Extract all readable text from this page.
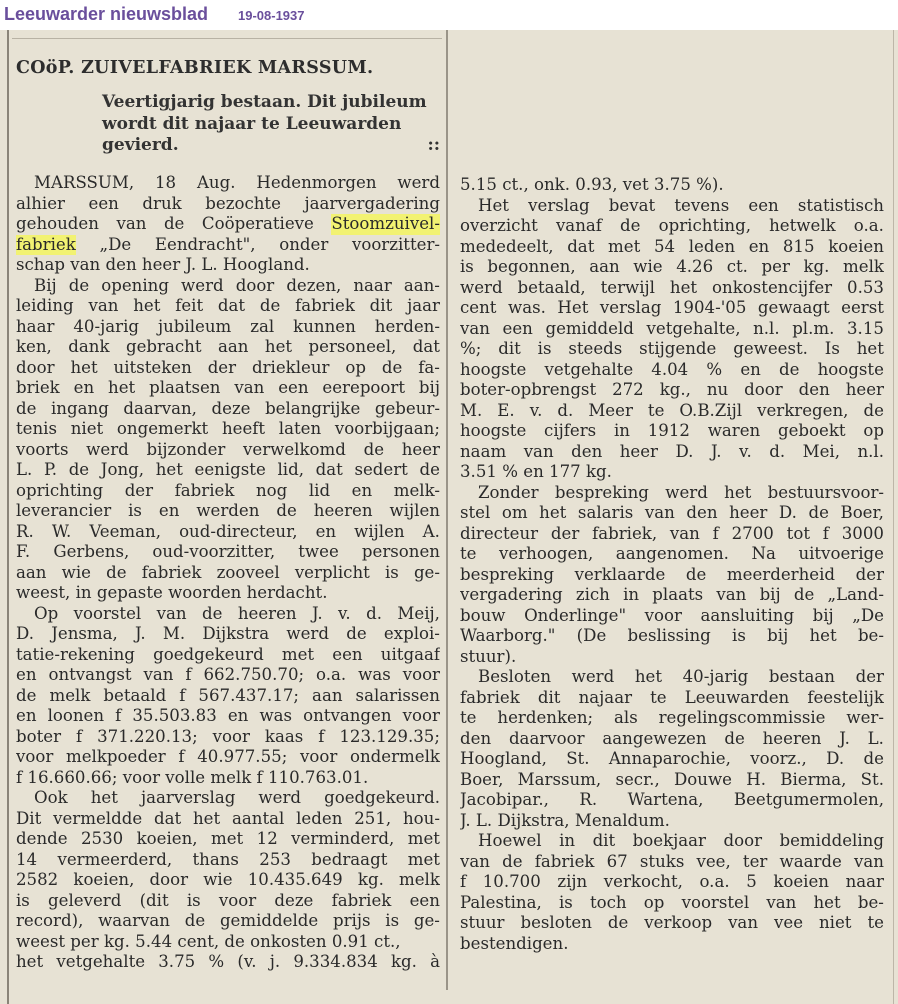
Leeuwarder nieuwsblad 19-08-1937
COöP. ZUIVELFABRIEK MARSSUM.
Veertigjarig bestaan. Dit jubileum
wordt dit najaar te Leeuwarden
gevierd.	::
MARSSUM, 18 Aug. Hedenmorgen werd
alhier een druk bezochte jaarvergadering
gehouden van de Coöperatieve Stoomzuivel-
fabriek „De Eendracht", onder voorzitter-
schap van den heer J. L. Hoogland.
Bij de opening werd door dezen, naar aan-
leiding van het feit dat de fabriek dit jaar
haar 40-jarig jubileum zal kunnen herden-
ken, dank gebracht aan het personeel, dat
door het uitsteken der driekleur op de fa-
briek en het plaatsen van een eerepoort bij
de ingang daarvan, deze belangrijke gebeur-
tenis niet ongemerkt heeft laten voorbijgaan;
voorts werd bijzonder verwelkomd de heer
L. P. de Jong, het eenigste lid, dat sedert de
oprichting der fabriek nog lid en melk-
leverancier is en werden de heeren wijlen
R. W. Veeman, oud-directeur, en wijlen A.
F. Gerbens, oud-voorzitter, twee personen
aan wie de fabriek zooveel verplicht is ge-
weest, in gepaste woorden herdacht.
Op voorstel van de heeren J. v. d. Meij,
D. Jensma, J. M. Dijkstra werd de exploi-
tatie-rekening goedgekeurd met een uitgaaf
en ontvangst van f 662.750.70; o.a. was voor
de melk betaald f 567.437.17; aan salarissen
en loonen f 35.503.83 en was ontvangen voor
boter f 371.220.13; voor kaas f 123.129.35;
voor melkpoeder f 40.977.55; voor ondermelk
f 16.660.66; voor volle melk f 110.763.01.
Ook het jaarverslag werd goedgekeurd.
Dit vermeldde dat het aantal leden 251, hou-
dende 2530 koeien, met 12 verminderd, met
14 vermeerderd, thans 253 bedraagt met
2582 koeien, door wie 10.435.649 kg. melk
is geleverd (dit is voor deze fabriek een
record), waarvan de gemiddelde prijs is ge-
weest per kg. 5.44 cent, de onkosten 0.91 ct.,
het vetgehalte 3.75 % (v. j. 9.334.834 kg. à
5.15 ct., onk. 0.93, vet 3.75 %).
Het verslag bevat tevens een statistisch
overzicht vanaf de oprichting, hetwelk o.a.
mededeelt, dat met 54 leden en 815 koeien
is begonnen, aan wie 4.26 ct. per kg. melk
werd betaald, terwijl het onkostencijfer 0.53
cent was. Het verslag 1904-'05 gewaagt eerst
van een gemiddeld vetgehalte, n.l. pl.m. 3.15
%; dit is steeds stijgende geweest. Is het
hoogste vetgehalte 4.04 % en de hoogste
boter-opbrengst 272 kg., nu door den heer
M. E. v. d. Meer te O.B.Zijl verkregen, de
hoogste cijfers in 1912 waren geboekt op
naam van den heer D. J. v. d. Mei, n.l.
3.51 % en 177 kg.
Zonder bespreking werd het bestuursvoor-
stel om het salaris van den heer D. de Boer,
directeur der fabriek, van f 2700 tot f 3000
te verhoogen, aangenomen. Na uitvoerige
bespreking verklaarde de meerderheid der
vergadering zich in plaats van bij de „Land-
bouw Onderlinge" voor aansluiting bij „De
Waarborg." (De beslissing is bij het be-
stuur).
Besloten werd het 40-jarig bestaan der
fabriek dit najaar te Leeuwarden feestelijk
te herdenken; als regelingscommissie wer-
den daarvoor aangewezen de heeren J. L.
Hoogland, St. Annaparochie, voorz., D. de
Boer, Marssum, secr., Douwe H. Bierma, St.
Jacobipar., R. Wartena, Beetgumermolen,
J. L. Dijkstra, Menaldum.
Hoewel in dit boekjaar door bemiddeling
van de fabriek 67 stuks vee, ter waarde van
f 10.700 zijn verkocht, o.a. 5 koeien naar
Palestina, is toch op voorstel van het be-
stuur besloten de verkoop van vee niet te
bestendigen.
